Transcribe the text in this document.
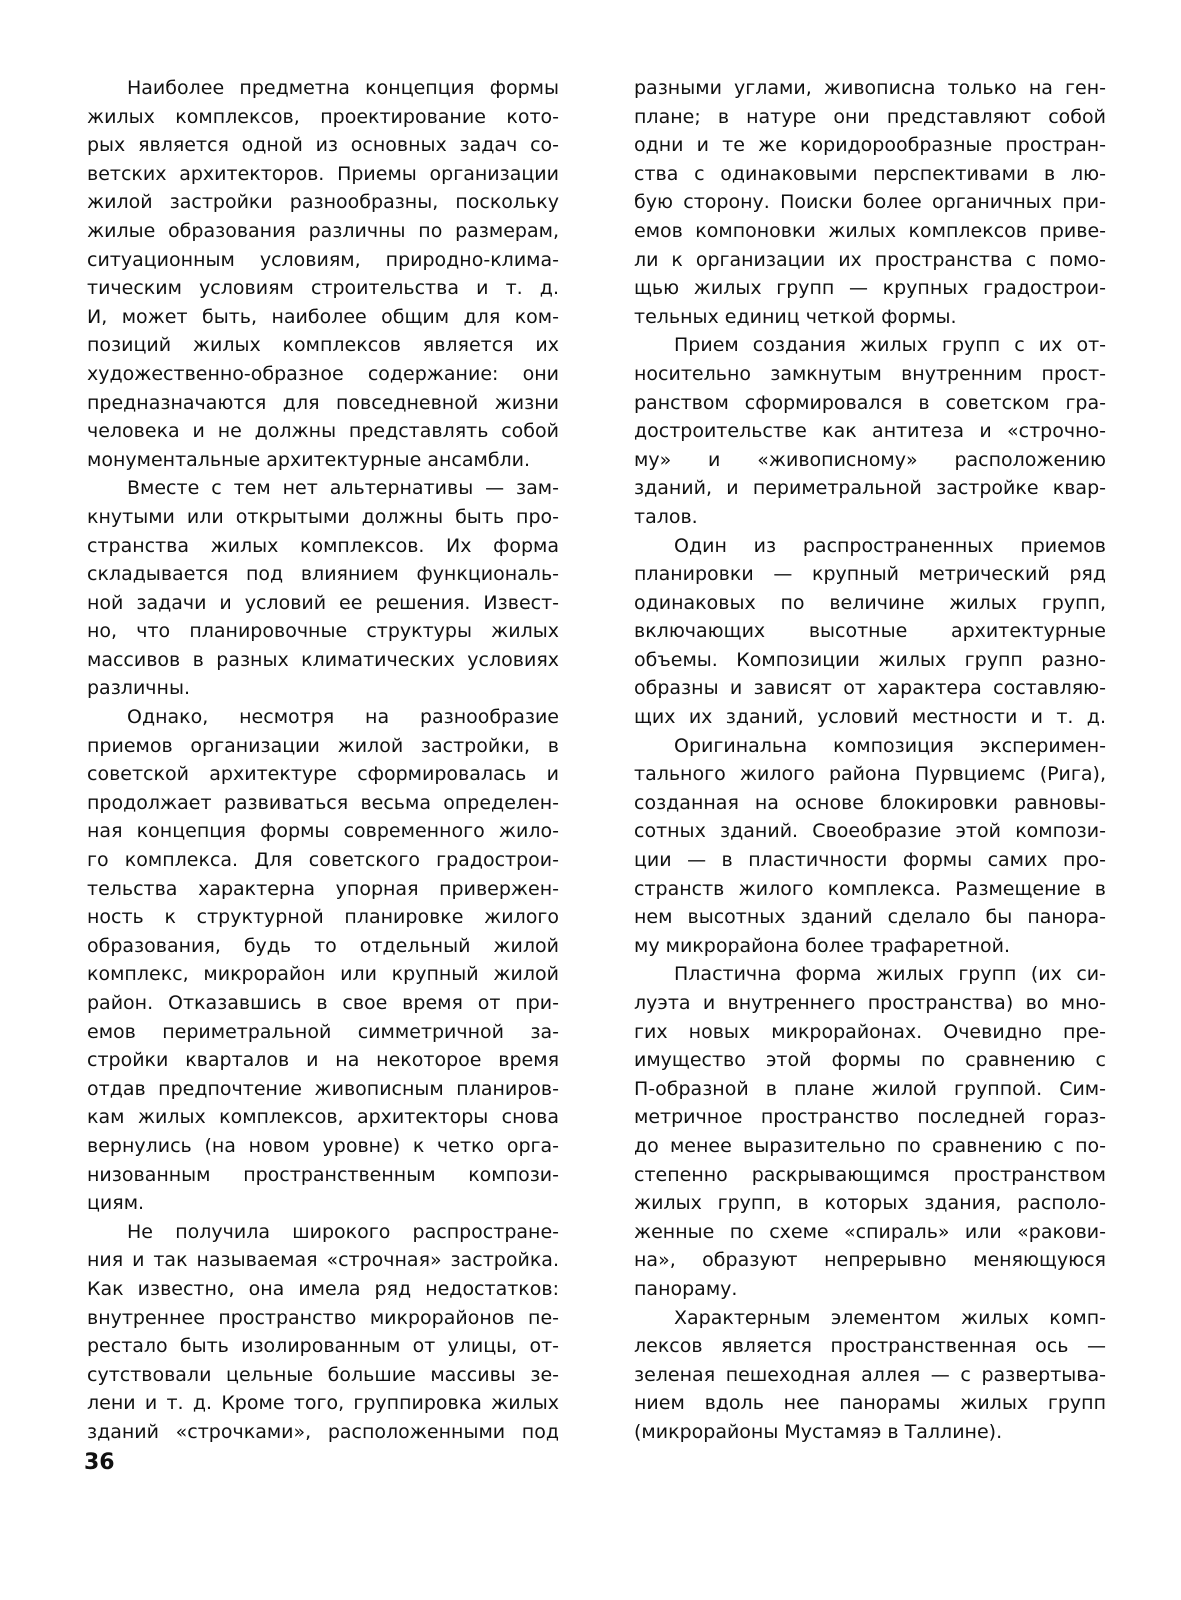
Наиболее предметна концепция формы
жилых комплексов, проектирование кото-
рых является одной из основных задач со-
ветских архитекторов. Приемы организации
жилой застройки разнообразны, поскольку
жилые образования различны по размерам,
ситуационным условиям, природно-клима-
тическим условиям строительства и т. д.
И, может быть, наиболее общим для ком-
позиций жилых комплексов является их
художественно-образное содержание: они
предназначаются для повседневной жизни
человека и не должны представлять собой
монументальные архитектурные ансамбли.
Вместе с тем нет альтернативы — зам-
кнутыми или открытыми должны быть про-
странства жилых комплексов. Их форма
складывается под влиянием функциональ-
ной задачи и условий ее решения. Извест-
но, что планировочные структуры жилых
массивов в разных климатических условиях
различны.
Однако, несмотря на разнообразие
приемов организации жилой застройки, в
советской архитектуре сформировалась и
продолжает развиваться весьма определен-
ная концепция формы современного жило-
го комплекса. Для советского градострои-
тельства характерна упорная привержен-
ность к структурной планировке жилого
образования, будь то отдельный жилой
комплекс, микрорайон или крупный жилой
район. Отказавшись в свое время от при-
емов периметральной симметричной за-
стройки кварталов и на некоторое время
отдав предпочтение живописным планиров-
кам жилых комплексов, архитекторы снова
вернулись (на новом уровне) к четко орга-
низованным пространственным компози-
циям.
Не получила широкого распростране-
ния и так называемая «строчная» застройка.
Как известно, она имела ряд недостатков:
внутреннее пространство микрорайонов пе-
рестало быть изолированным от улицы, от-
сутствовали цельные большие массивы зе-
лени и т. д. Кроме того, группировка жилых
зданий «строчками», расположенными под
разными углами, живописна только на ген-
плане; в натуре они представляют собой
одни и те же коридорообразные простран-
ства с одинаковыми перспективами в лю-
бую сторону. Поиски более органичных при-
емов компоновки жилых комплексов приве-
ли к организации их пространства с помо-
щью жилых групп — крупных градострои-
тельных единиц четкой формы.
Прием создания жилых групп с их от-
носительно замкнутым внутренним прост-
ранством сформировался в советском гра-
достроительстве как антитеза и «строчно-
му» и «живописному» расположению
зданий, и периметральной застройке квар-
талов.
Один из распространенных приемов
планировки — крупный метрический ряд
одинаковых по величине жилых групп,
включающих высотные архитектурные
объемы. Композиции жилых групп разно-
образны и зависят от характера составляю-
щих их зданий, условий местности и т. д.
Оригинальна композиция эксперимен-
тального жилого района Пурвциемс (Рига),
созданная на основе блокировки равновы-
сотных зданий. Своеобразие этой компози-
ции — в пластичности формы самих про-
странств жилого комплекса. Размещение в
нем высотных зданий сделало бы панора-
му микрорайона более трафаретной.
Пластична форма жилых групп (их си-
луэта и внутреннего пространства) во мно-
гих новых микрорайонах. Очевидно пре-
имущество этой формы по сравнению с
П-образной в плане жилой группой. Сим-
метричное пространство последней горaз-
до менее выразительно по сравнению с по-
степенно раскрывающимся пространством
жилых групп, в которых здания, располо-
женные по схеме «спираль» или «ракови-
на», образуют непрерывно меняющуюся
панораму.
Характерным элементом жилых комп-
лексов является пространственная ось —
зеленая пешеходная аллея — с развертыва-
нием вдоль нее панорамы жилых групп
(микрорайоны Мустамяэ в Таллине).
36
